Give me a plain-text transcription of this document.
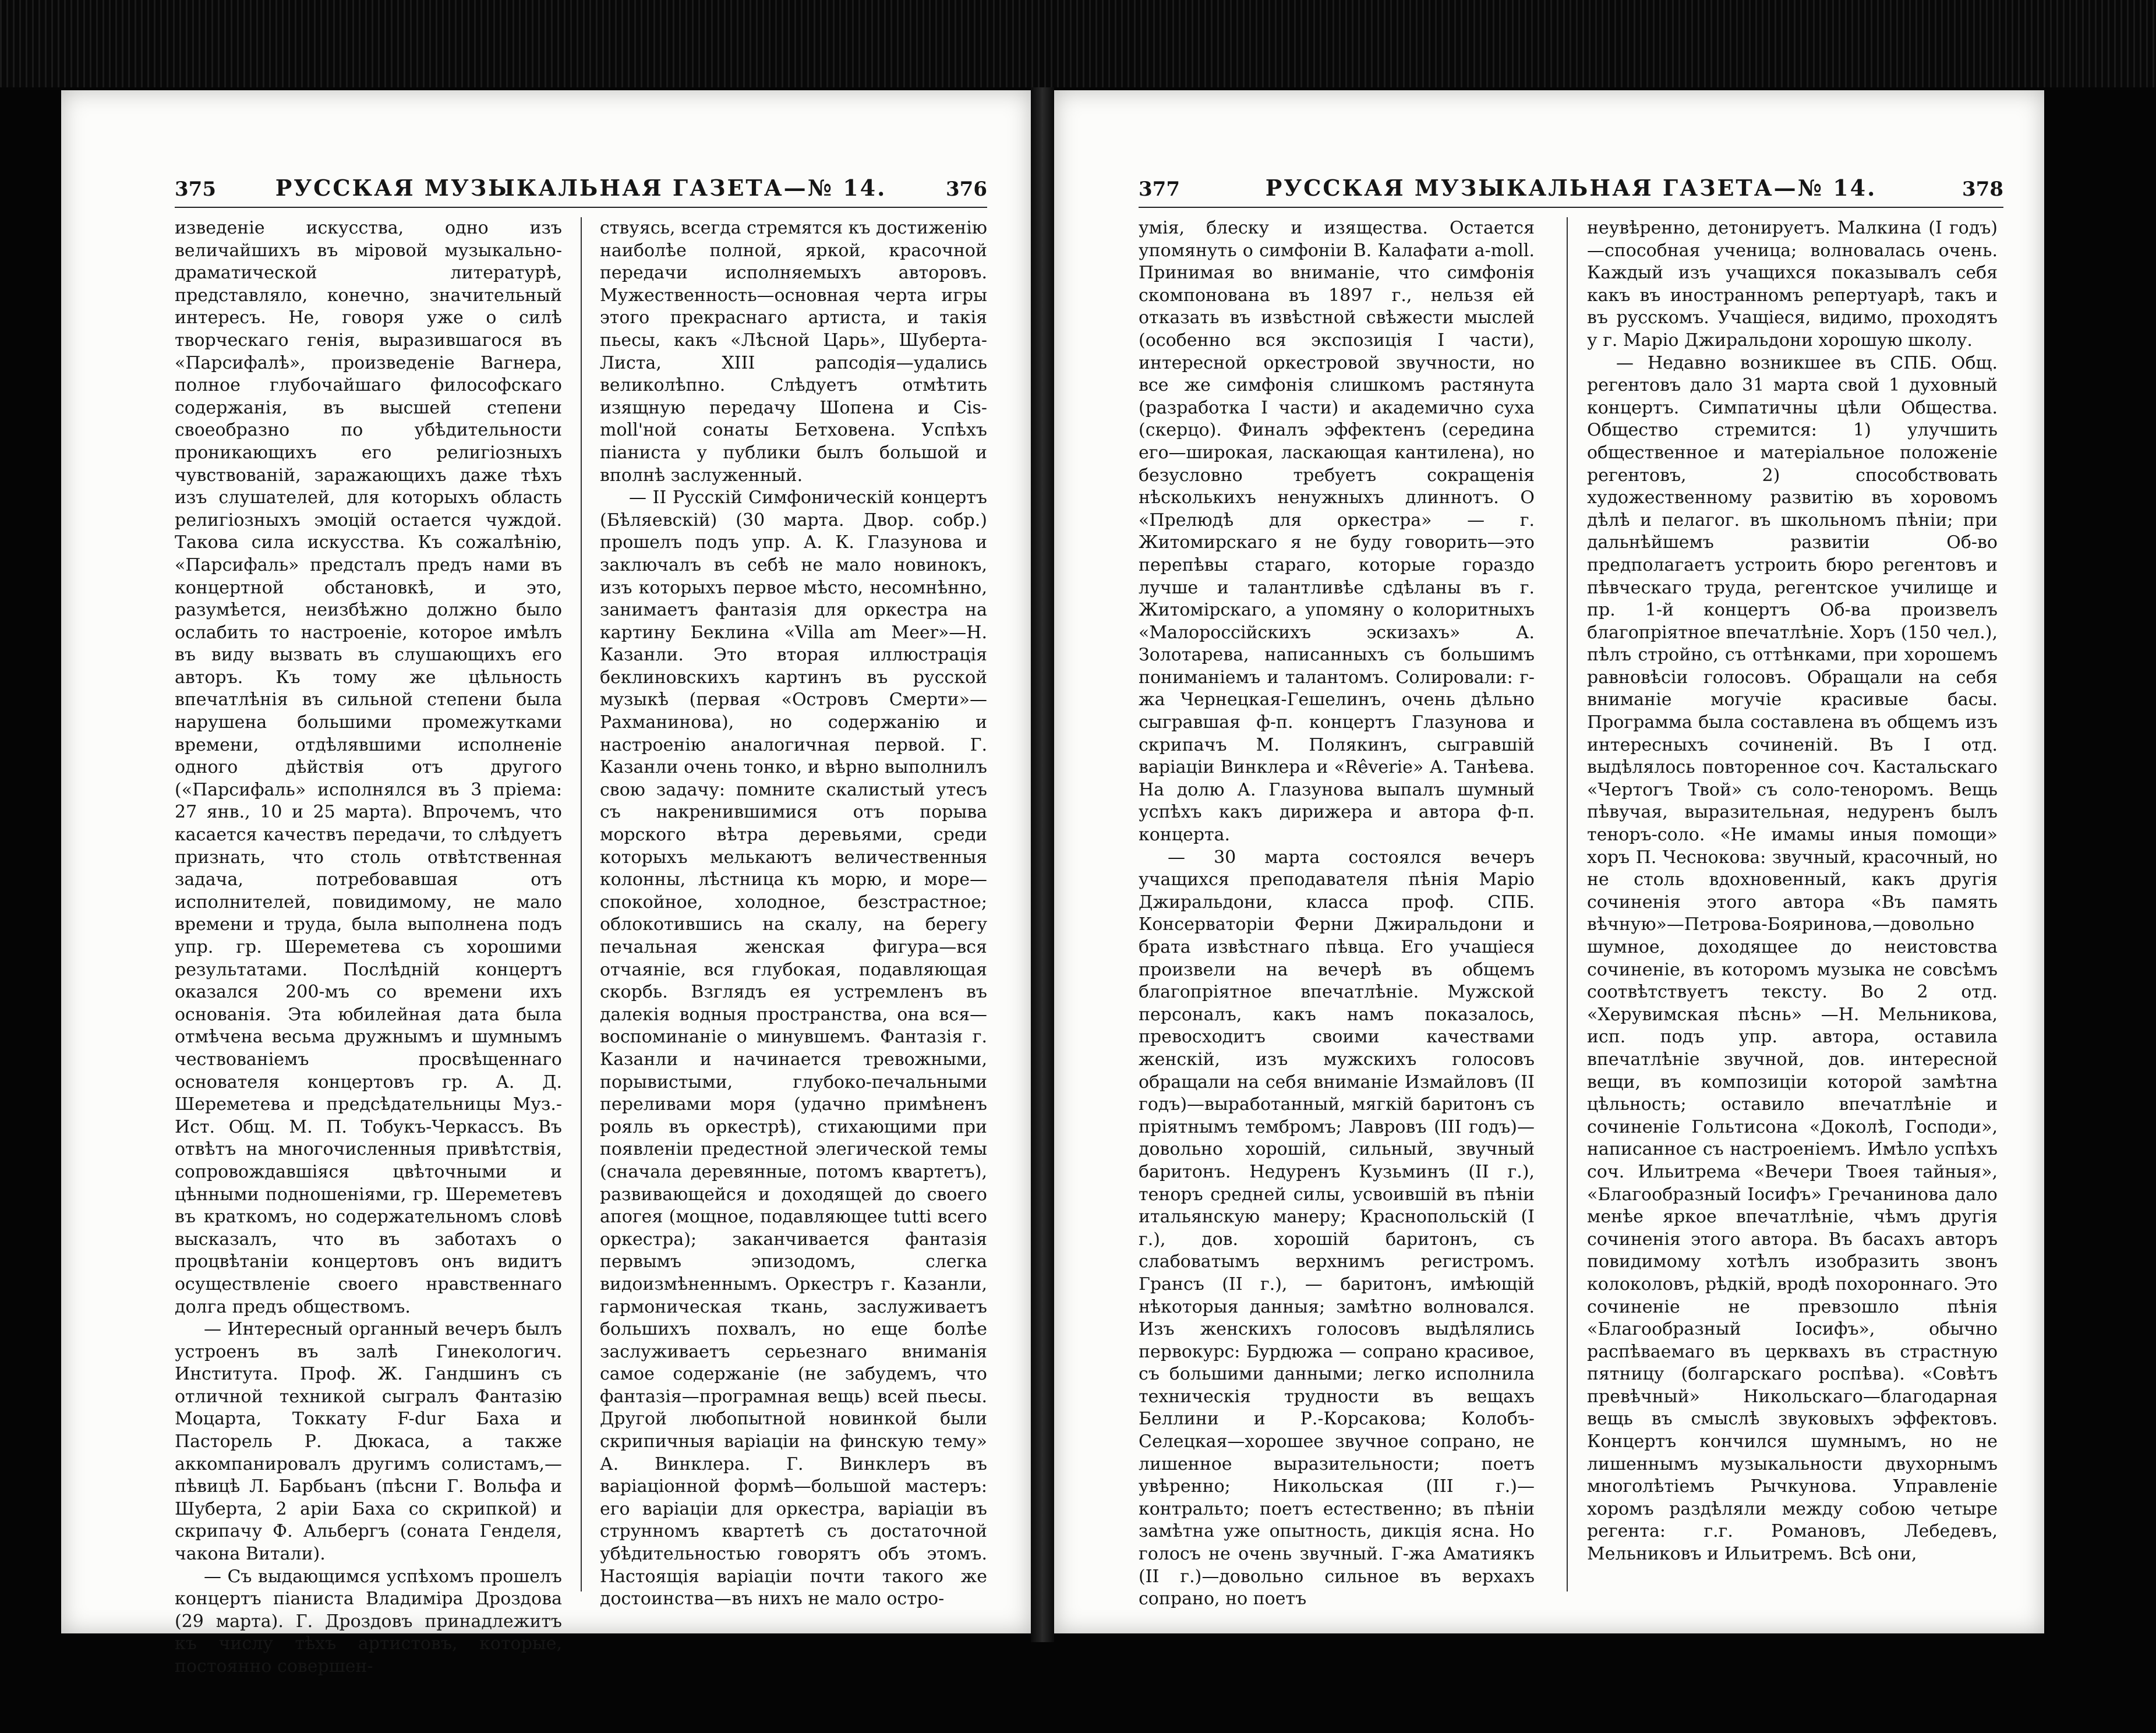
375	РУССКАЯ МУЗЫКАЛЬНАЯ ГАЗЕТА—№ 14.	376

изведеніе искусства, одно изъ величайшихъ въ міровой музыкально-драматической литературѣ, представляло, конечно, значительный интересъ. Не, говоря уже о силѣ творческаго генія, выразившагося въ «Парсифалѣ», произведеніе Вагнера, полное глубочайшаго философскаго содержанія, въ высшей степени своеобразно по убѣдительности проникающихъ его религіозныхъ чувствованій, заражающихъ даже тѣхъ изъ слушателей, для которыхъ область религіозныхъ эмоцій остается чуждой. Такова сила искусства. Къ сожалѣнію, «Парсифаль» предсталъ предъ нами въ концертной обстановкѣ, и это, разумѣется, неизбѣжно должно было ослабить то настроеніе, которое имѣлъ въ виду вызвать въ слушающихъ его авторъ. Къ тому же цѣльность впечатлѣнія въ сильной степени была нарушена большими промежутками времени, отдѣлявшими исполненіе одного дѣйствія отъ другого («Парсифаль» исполнялся въ 3 пріема: 27 янв., 10 и 25 марта). Впрочемъ, что касается качествъ передачи, то слѣдуетъ признать, что столь отвѣтственная задача, потребовавшая отъ исполнителей, повидимому, не мало времени и труда, была выполнена подъ упр. гр. Шереметева съ хорошими результатами. Послѣдній концертъ оказался 200-мъ со времени ихъ основанія. Эта юбилейная дата была отмѣчена весьма дружнымъ и шумнымъ чествованіемъ просвѣщеннаго основателя концертовъ гр. А. Д. Шереметева и предсѣдательницы Муз.-Ист. Общ. М. П. Тобукъ-Черкассъ. Въ отвѣтъ на многочисленныя привѣтствія, сопровождавшіяся цвѣточными и цѣнными подношеніями, гр. Шереметевъ въ краткомъ, но содержательномъ словѣ высказалъ, что въ заботахъ о процвѣтаніи концертовъ онъ видитъ осуществленіе своего нравственнаго долга предъ обществомъ.

— Интересный органный вечеръ былъ устроенъ въ залѣ Гинекологич. Института. Проф. Ж. Гандшинъ съ отличной техникой сыгралъ Фантазію Моцарта, Токкату F-dur Баха и Пасторель Р. Дюкаса, а также аккомпанировалъ другимъ солистамъ,—пѣвицѣ Л. Барбьанъ (пѣсни Г. Вольфа и Шуберта, 2 аріи Баха со скрипкой) и скрипачу Ф. Альбергъ (соната Генделя, чакона Витали).

— Съ выдающимся успѣхомъ прошелъ концертъ піаниста Владиміра Дроздова (29 марта). Г. Дроздовъ принадлежитъ къ числу тѣхъ артистовъ, которые, постоянно совершен-

ствуясь, всегда стремятся къ достиженію наиболѣе полной, яркой, красочной передачи исполняемыхъ авторовъ. Мужественность—основная черта игры этого прекраснаго артиста, и такія пьесы, какъ «Лѣсной Царь», Шуберта-Листа, XIII рапсодія—удались великолѣпно. Слѣдуетъ отмѣтить изящную передачу Шопена и Cis-moll'ной сонаты Бетховена. Успѣхъ піаниста у публики былъ большой и вполнѣ заслуженный.

— II Русскій Симфоническій концертъ (Бѣляевскій) (30 марта. Двор. собр.) прошелъ подъ упр. А. К. Глазунова и заключалъ въ себѣ не мало новинокъ, изъ которыхъ первое мѣсто, несомнѣнно, занимаетъ фантазія для оркестра на картину Беклина «Villa am Meer»—Н. Казанли. Это вторая иллюстрація беклиновскихъ картинъ въ русской музыкѣ (первая «Островъ Смерти»—Рахманинова), но содержанію и настроенію аналогичная первой. Г. Казанли очень тонко, и вѣрно выполнилъ свою задачу: помните скалистый утесъ съ накренившимися отъ порыва морского вѣтра деревьями, среди которыхъ мелькаютъ величественныя колонны, лѣстница къ морю, и море—спокойное, холодное, безстрастное; облокотившись на скалу, на берегу печальная женская фигура—вся отчаяніе, вся глубокая, подавляющая скорбь. Взглядъ ея устремленъ въ далекія водныя пространства, она вся—воспоминаніе о минувшемъ. Фантазія г. Казанли и начинается тревожными, порывистыми, глубоко-печальными переливами моря (удачно примѣненъ рояль въ оркестрѣ), стихающими при появленіи предестной элегической темы (сначала деревянные, потомъ квартетъ), развивающейся и доходящей до своего апогея (мощное, подавляющее tutti всего оркестра); заканчивается фантазія первымъ эпизодомъ, слегка видоизмѣненнымъ. Оркестръ г. Казанли, гармоническая ткань, заслуживаетъ большихъ похвалъ, но еще болѣе заслуживаетъ серьезнаго вниманія самое содержаніе (не забудемъ, что фантазія—програмная вещь) всей пьесы. Другой любопытной новинкой были скрипичныя варіаціи на финскую тему» А. Винклера. Г. Винклеръ въ варіаціонной формѣ—большой мастеръ: его варіаціи для оркестра, варіаціи въ струнномъ квартетѣ съ достаточной убѣдительностью говорятъ объ этомъ. Настоящія варіаціи почти такого же достоинства—въ нихъ не мало остро-

377	РУССКАЯ МУЗЫКАЛЬНАЯ ГАЗЕТА—№ 14.	378

умія, блеску и изящества. Остается упомянуть о симфоніи В. Калафати a-moll. Принимая во вниманіе, что симфонія скомпонована въ 1897 г., нельзя ей отказать въ извѣстной свѣжести мыслей (особенно вся экспозиція I части), интересной оркестровой звучности, но все же симфонія слишкомъ растянута (разработка I части) и академично суха (скерцо). Финалъ эффектенъ (середина его—широкая, ласкающая кантилена), но безусловно требуетъ сокращенія нѣсколькихъ ненужныхъ длиннотъ. О «Прелюдѣ для оркестра» — г. Житомирскаго я не буду говорить—это перепѣвы стараго, которые гораздо лучше и талантливѣе сдѣланы въ г. Житомірскаго, а упомяну о колоритныхъ «Малороссійскихъ эскизахъ» А. Золотарева, написанныхъ съ большимъ пониманіемъ и талантомъ. Солировали: г-жа Чернецкая-Гешелинъ, очень дѣльно сыгравшая ф-п. концертъ Глазунова и скрипачъ М. Полякинъ, сыгравшій варіаціи Винклера и «Rêverie» А. Танѣева. На долю А. Глазунова выпалъ шумный успѣхъ какъ дирижера и автора ф-п. концерта.

— 30 марта состоялся вечеръ учащихся преподавателя пѣнія Маріо Джиральдони, класса проф. СПБ. Консерваторіи Ферни Джиральдони и брата извѣстнаго пѣвца. Его учащіеся произвели на вечерѣ въ общемъ благопріятное впечатлѣніе. Мужской персоналъ, какъ намъ показалось, превосходитъ своими качествами женскій, изъ мужскихъ голосовъ обращали на себя вниманіе Измайловъ (II годъ)—выработанный, мягкій баритонъ съ пріятнымъ тембромъ; Лавровъ (III годъ)—довольно хорошій, сильный, звучный баритонъ. Недуренъ Кузьминъ (II г.), теноръ средней силы, усвоившій въ пѣніи итальянскую манеру; Краснопольскій (I г.), дов. хорошій баритонъ, съ слабоватымъ верхнимъ регистромъ. Грансъ (II г.), — баритонъ, имѣющій нѣкоторыя данныя; замѣтно волновался. Изъ женскихъ голосовъ выдѣлялись первокурс: Бурдюжа — сопрано красивое, съ большими данными; легко исполнила техническія трудности въ вещахъ Беллини и Р.-Корсакова; Колобъ-Селецкая—хорошее звучное сопрано, не лишенное выразительности; поетъ увѣренно; Никольская (III г.)—контральто; поетъ естественно; въ пѣніи замѣтна уже опытность, дикція ясна. Но голосъ не очень звучный. Г-жа Аматиякъ (II г.)—довольно сильное въ верхахъ сопрано, но поетъ

неувѣренно, детонируетъ. Малкина (I годъ)—способная ученица; волновалась очень. Каждый изъ учащихся показывалъ себя какъ въ иностранномъ репертуарѣ, такъ и въ русскомъ. Учащіеся, видимо, проходятъ у г. Маріо Джиральдони хорошую школу.

— Недавно возникшее въ СПБ. Общ. регентовъ дало 31 марта свой 1 духовный концертъ. Симпатичны цѣли Общества. Общество стремится: 1) улучшить общественное и матеріальное положеніе регентовъ, 2) способствовать художественному развитію въ хоровомъ дѣлѣ и пелагог. въ школьномъ пѣніи; при дальнѣйшемъ развитіи Об-во предполагаетъ устроить бюро регентовъ и пѣвческаго труда, регентское училище и пр. 1-й концертъ Об-ва произвелъ благопріятное впечатлѣніе. Хоръ (150 чел.), пѣлъ стройно, съ оттѣнками, при хорошемъ равновѣсіи голосовъ. Обращали на себя вниманіе могучіе красивые басы. Программа была составлена въ общемъ изъ интересныхъ сочиненій. Въ I отд. выдѣлялось повторенное соч. Кастальскаго «Чертогъ Твой» съ соло-теноромъ. Вещь пѣвучая, выразительная, недуренъ былъ теноръ-соло. «Не имамы иныя помощи» хоръ П. Чеснокова: звучный, красочный, но не столь вдохновенный, какъ другія сочиненія этого автора «Въ память вѣчную»—Петрова-Бояринова,—довольно шумное, доходящее до неистовства сочиненіе, въ которомъ музыка не совсѣмъ соотвѣтствуетъ тексту. Во 2 отд. «Херувимская пѣснь» —Н. Мельникова, исп. подъ упр. автора, оставила впечатлѣніе звучной, дов. интересной вещи, въ композиціи которой замѣтна цѣльность; оставило впечатлѣніе и сочиненіе Гольтисона «Доколѣ, Господи», написанное съ настроеніемъ. Имѣло успѣхъ соч. Ильитрема «Вечери Твоея тайныя», «Благообразный Іосифъ» Гречанинова дало менѣе яркое впечатлѣніе, чѣмъ другія сочиненія этого автора. Въ басахъ авторъ повидимому хотѣлъ изобразить звонъ колоколовъ, рѣдкій, вродѣ похороннаго. Это сочиненіе не превзошло пѣнія «Благообразный Іосифъ», обычно распѣваемаго въ церквахъ въ страстную пятницу (болгарскаго роспѣва). «Совѣтъ превѣчный» Никольскаго—благодарная вещь въ смыслѣ звуковыхъ эффектовъ. Концертъ кончился шумнымъ, но не лишеннымъ музыкальности двухорнымъ многолѣтіемъ Рычкунова. Управленіе хоромъ раздѣляли между собою четыре регента: г.г. Романовъ, Лебедевъ, Мельниковъ и Ильитремъ. Всѣ они,
